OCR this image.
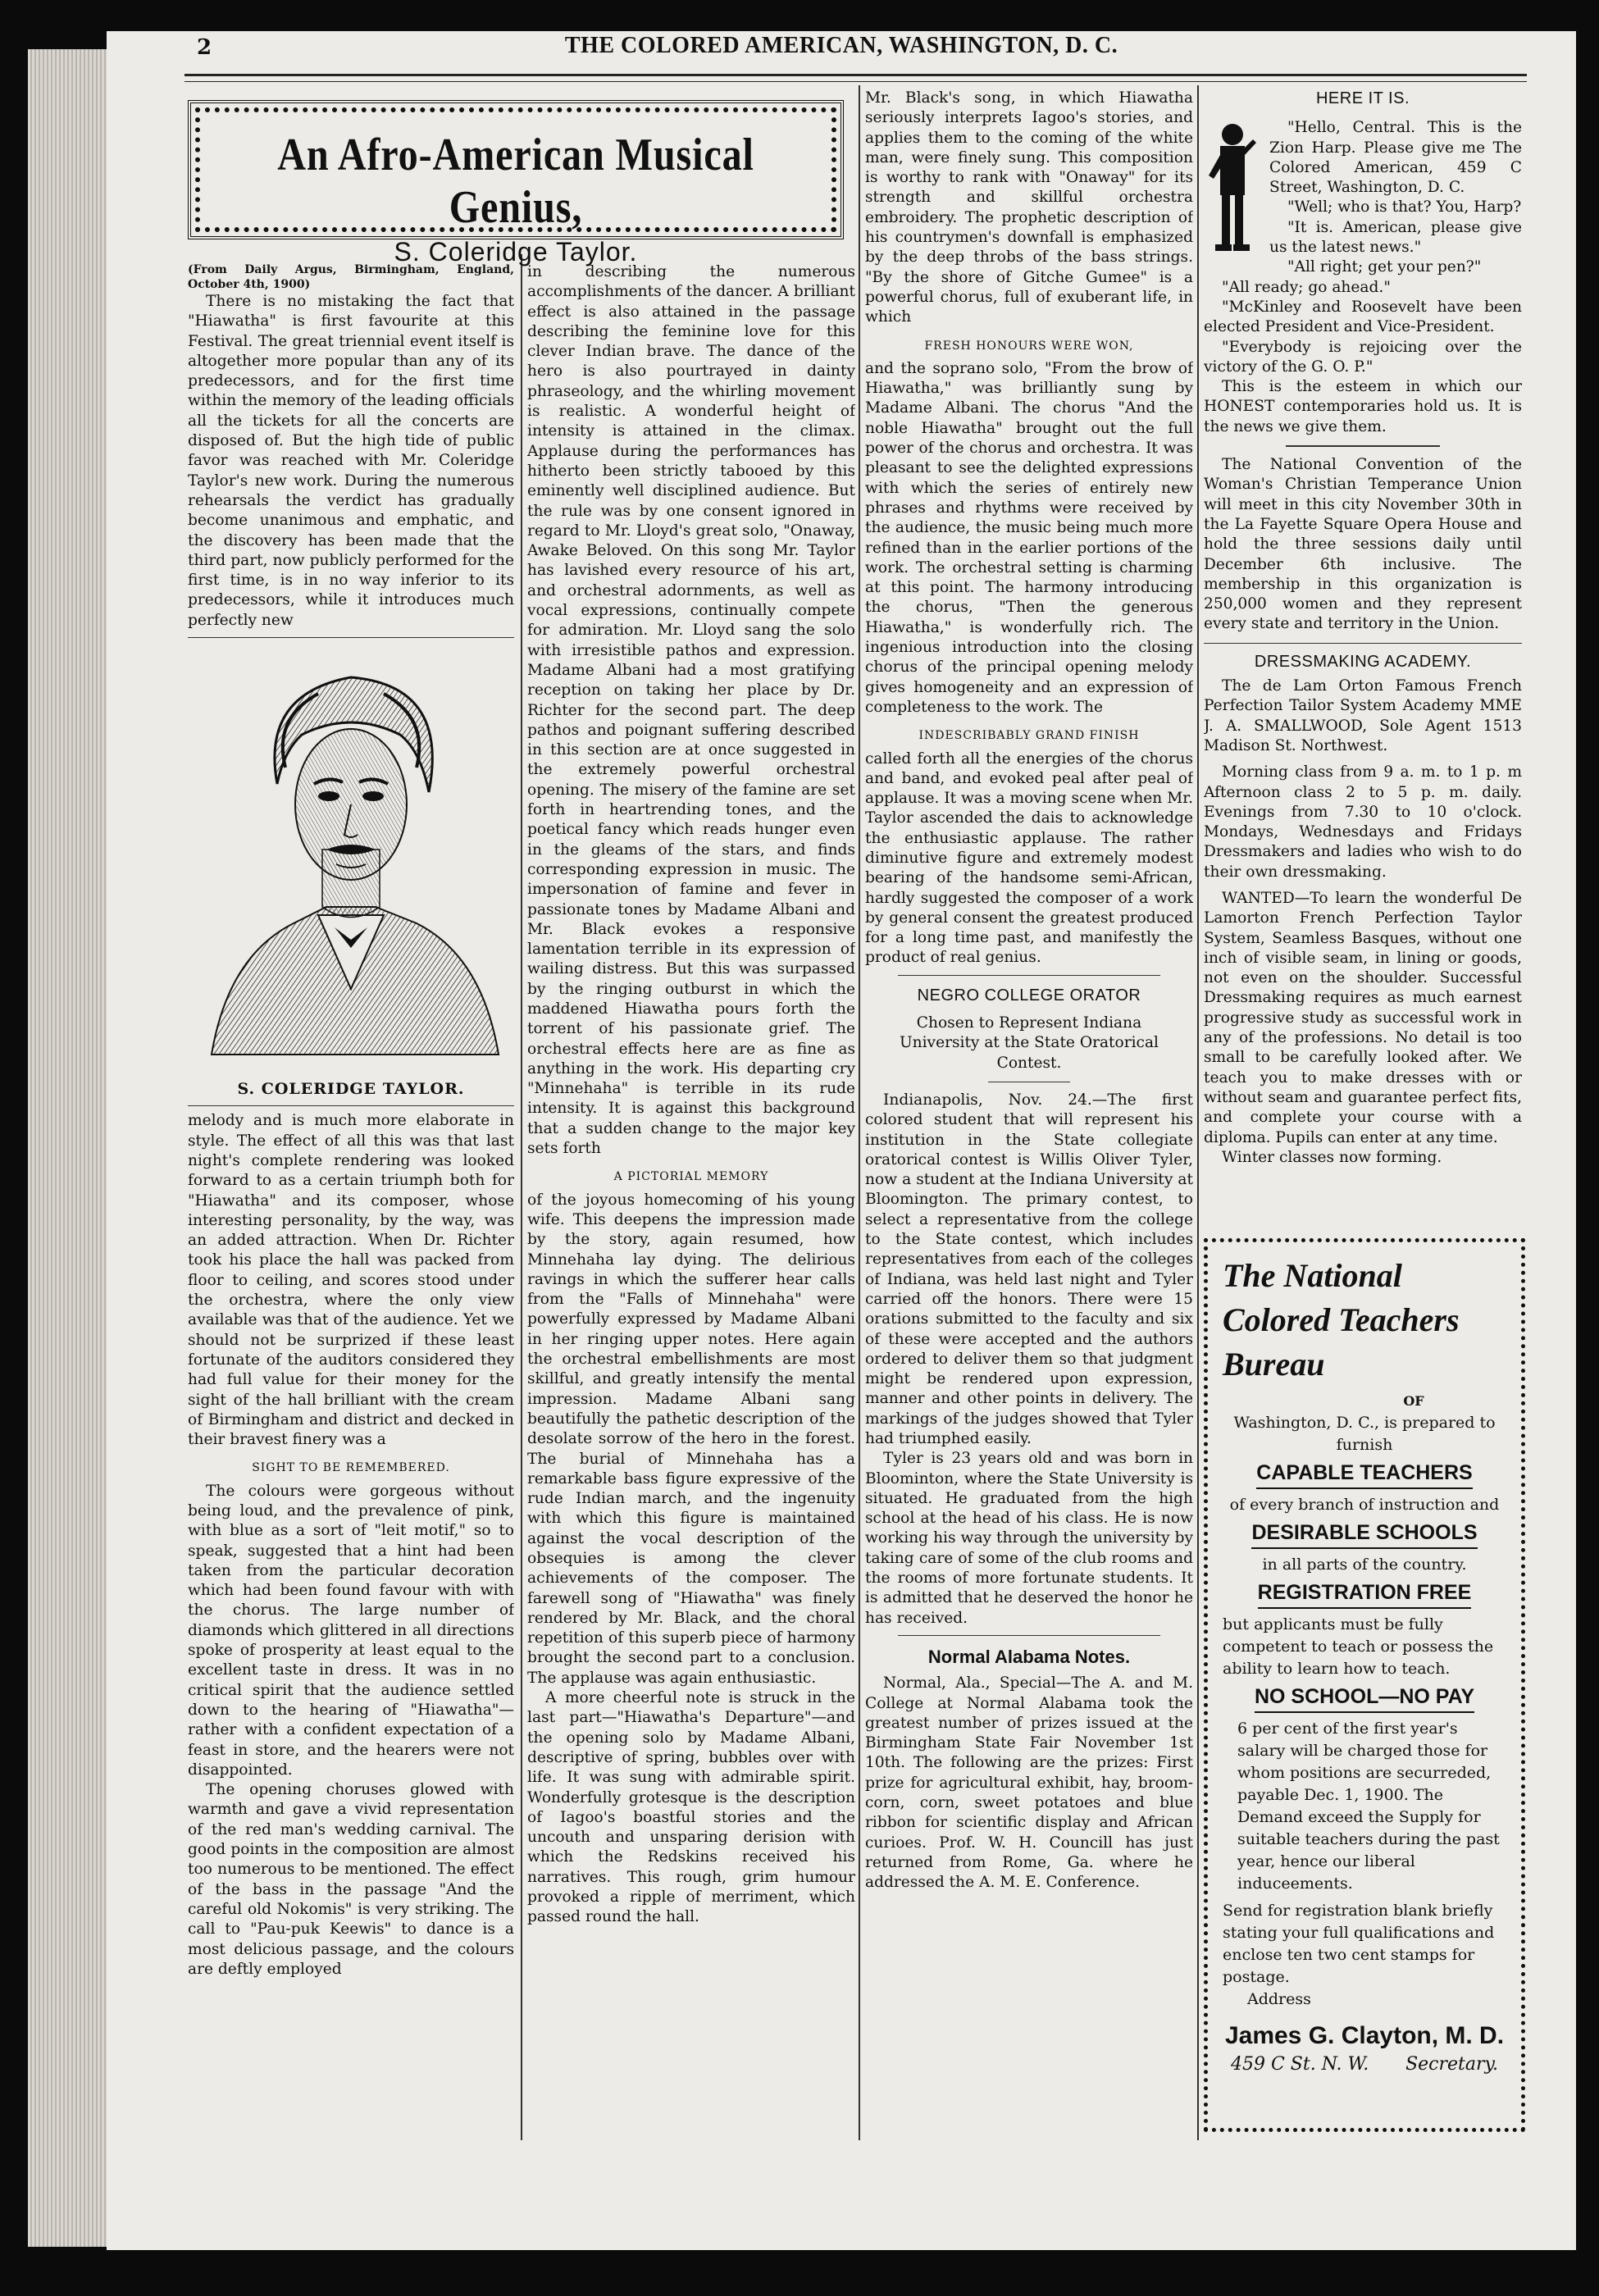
2	THE COLORED AMERICAN, WASHINGTON, D. C.
An Afro-American Musical Genius,
S. Coleridge Taylor.

(From Daily Argus, Birmingham, England, October 4th, 1900)

There is no mistaking the fact that "Hiawatha" is first favourite at this Festival. The great triennial event itself is altogether more popular than any of its predecessors, and for the first time within the memory of the leading officials all the tickets for all the concerts are disposed of. But the high tide of public favor was reached with Mr. Coleridge Taylor's new work. During the numerous rehearsals the verdict has gradually become unanimous and emphatic, and the discovery has been made that the third part, now publicly performed for the first time, is in no way inferior to its predecessors, while it introduces much perfectly new

S. COLERIDGE TAYLOR.

melody and is much more elaborate in style. The effect of all this was that last night's complete rendering was looked forward to as a certain triumph both for "Hiawatha" and its composer, whose interesting personality, by the way, was an added attraction. When Dr. Richter took his place the hall was packed from floor to ceiling, and scores stood under the orchestra, where the only view available was that of the audience. Yet we should not be surprized if these least fortunate of the auditors considered they had full value for their money for the sight of the hall brilliant with the cream of Birmingham and district and decked in their bravest finery was a

SIGHT TO BE REMEMBERED.

The colours were gorgeous without being loud, and the prevalence of pink, with blue as a sort of "leit motif," so to speak, suggested that a hint had been taken from the particular decoration which had been found favour with with the chorus. The large number of diamonds which glittered in all directions spoke of prosperity at least equal to the excellent taste in dress. It was in no critical spirit that the audience settled down to the hearing of "Hiawatha"—rather with a confident expectation of a feast in store, and the hearers were not disappointed.

The opening choruses glowed with warmth and gave a vivid representation of the red man's wedding carnival. The good points in the composition are almost too numerous to be mentioned. The effect of the bass in the passage "And the careful old Nokomis" is very striking. The call to "Pau-puk Keewis" to dance is a most delicious passage, and the colours are deftly employed

in describing the numerous accomplishments of the dancer. A brilliant effect is also attained in the passage describing the feminine love for this clever Indian brave. The dance of the hero is also pourtrayed in dainty phraseology, and the whirling movement is realistic. A wonderful height of intensity is attained in the climax. Applause during the performances has hitherto been strictly tabooed by this eminently well disciplined audience. But the rule was by one consent ignored in regard to Mr. Lloyd's great solo, "Onaway, Awake Beloved. On this song Mr. Taylor has lavished every resource of his art, and orchestral adornments, as well as vocal expressions, continually compete for admiration. Mr. Lloyd sang the solo with irresistible pathos and expression. Madame Albani had a most gratifying reception on taking her place by Dr. Richter for the second part. The deep pathos and poignant suffering described in this section are at once suggested in the extremely powerful orchestral opening. The misery of the famine are set forth in heartrending tones, and the poetical fancy which reads hunger even in the gleams of the stars, and finds corresponding expression in music. The impersonation of famine and fever in passionate tones by Madame Albani and Mr. Black evokes a responsive lamentation terrible in its expression of wailing distress. But this was surpassed by the ringing outburst in which the maddened Hiawatha pours forth the torrent of his passionate grief. The orchestral effects here are as fine as anything in the work. His departing cry "Minnehaha" is terrible in its rude intensity. It is against this background that a sudden change to the major key sets forth

A PICTORIAL MEMORY

of the joyous homecoming of his young wife. This deepens the impression made by the story, again resumed, how Minnehaha lay dying. The delirious ravings in which the sufferer hear calls from the "Falls of Minnehaha" were powerfully expressed by Madame Albani in her ringing upper notes. Here again the orchestral embellishments are most skillful, and greatly intensify the mental impression. Madame Albani sang beautifully the pathetic description of the desolate sorrow of the hero in the forest. The burial of Minnehaha has a remarkable bass figure expressive of the rude Indian march, and the ingenuity with which this figure is maintained against the vocal description of the obsequies is among the clever achievements of the composer. The farewell song of "Hiawatha" was finely rendered by Mr. Black, and the choral repetition of this superb piece of harmony brought the second part to a conclusion. The applause was again enthusiastic.

A more cheerful note is struck in the last part—"Hiawatha's Departure"—and the opening solo by Madame Albani, descriptive of spring, bubbles over with life. It was sung with admirable spirit. Wonderfully grotesque is the description of Iagoo's boastful stories and the uncouth and unsparing derision with which the Redskins received his narratives. This rough, grim humour provoked a ripple of merriment, which passed round the hall.

Mr. Black's song, in which Hiawatha seriously interprets Iagoo's stories, and applies them to the coming of the white man, were finely sung. This composition is worthy to rank with "Onaway" for its strength and skillful orchestra embroidery. The prophetic description of his countrymen's downfall is emphasized by the deep throbs of the bass strings. "By the shore of Gitche Gumee" is a powerful chorus, full of exuberant life, in which

FRESH HONOURS WERE WON,

and the soprano solo, "From the brow of Hiawatha," was brilliantly sung by Madame Albani. The chorus "And the noble Hiawatha" brought out the full power of the chorus and orchestra. It was pleasant to see the delighted expressions with which the series of entirely new phrases and rhythms were received by the audience, the music being much more refined than in the earlier portions of the work. The orchestral setting is charming at this point. The harmony introducing the chorus, "Then the generous Hiawatha," is wonderfully rich. The ingenious introduction into the closing chorus of the principal opening melody gives homogeneity and an expression of completeness to the work. The

INDESCRIBABLY GRAND FINISH

called forth all the energies of the chorus and band, and evoked peal after peal of applause. It was a moving scene when Mr. Taylor ascended the dais to acknowledge the enthusiastic applause. The rather diminutive figure and extremely modest bearing of the handsome semi-African, hardly suggested the composer of a work by general consent the greatest produced for a long time past, and manifestly the product of real genius.

NEGRO COLLEGE ORATOR

Chosen to Represent Indiana University at the State Oratorical Contest.

Indianapolis, Nov. 24.—The first colored student that will represent his institution in the State collegiate oratorical contest is Willis Oliver Tyler, now a student at the Indiana University at Bloomington. The primary contest, to select a representative from the college to the State contest, which includes representatives from each of the colleges of Indiana, was held last night and Tyler carried off the honors. There were 15 orations submitted to the faculty and six of these were accepted and the authors ordered to deliver them so that judgment might be rendered upon expression, manner and other points in delivery. The markings of the judges showed that Tyler had triumphed easily.

Tyler is 23 years old and was born in Bloominton, where the State University is situated. He graduated from the high school at the head of his class. He is now working his way through the university by taking care of some of the club rooms and the rooms of more fortunate students. It is admitted that he deserved the honor he has received.

Normal Alabama Notes.

Normal, Ala., Special—The A. and M. College at Normal Alabama took the greatest number of prizes issued at the Birmingham State Fair November 1st 10th. The following are the prizes: First prize for agricultural exhibit, hay, broom-corn, corn, sweet potatoes and blue ribbon for scientific display and African curioes. Prof. W. H. Councill has just returned from Rome, Ga. where he addressed the A. M. E. Conference.

HERE IT IS.

"Hello, Central. This is the Zion Harp. Please give me The Colored American, 459 C Street, Washington, D. C.

"Well; who is that? You, Harp?

"It is. American, please give us the latest news."

"All right; get your pen?"

"All ready; go ahead."

"McKinley and Roosevelt have been elected President and Vice-President.

"Everybody is rejoicing over the victory of the G. O. P."

This is the esteem in which our HONEST contemporaries hold us. It is the news we give them.

The National Convention of the Woman's Christian Temperance Union will meet in this city November 30th in the La Fayette Square Opera House and hold the three sessions daily until December 6th inclusive. The membership in this organization is 250,000 women and they represent every state and territory in the Union.

DRESSMAKING ACADEMY.

The de Lam Orton Famous French Perfection Tailor System Academy MME J. A. SMALLWOOD, Sole Agent 1513 Madison St. Northwest.

Morning class from 9 a. m. to 1 p. m Afternoon class 2 to 5 p. m. daily. Evenings from 7.30 to 10 o'clock. Mondays, Wednesdays and Fridays Dressmakers and ladies who wish to do their own dressmaking.

WANTED—To learn the wonderful De Lamorton French Perfection Taylor System, Seamless Basques, without one inch of visible seam, in lining or goods, not even on the shoulder. Successful Dressmaking requires as much earnest progressive study as successful work in any of the professions. No detail is too small to be carefully looked after. We teach you to make dresses with or without seam and guarantee perfect fits, and complete your course with a diploma. Pupils can enter at any time.

Winter classes now forming.

The National Colored Teachers Bureau
OF
Washington, D. C., is prepared to furnish
CAPABLE TEACHERS
of every branch of instruction and
DESIRABLE SCHOOLS
in all parts of the country.
REGISTRATION FREE
but applicants must be fully competent to teach or possess the ability to learn how to teach.
NO SCHOOL—NO PAY
6 per cent of the first year's salary will be charged those for whom positions are securreded, payable Dec. 1, 1900. The Demand exceed the Supply for suitable teachers during the past year, hence our liberal induceements.
Send for registration blank briefly stating your full qualifications and enclose ten two cent stamps for postage.
Address
James G. Clayton, M. D.
459 C St. N. W. Secretary.
